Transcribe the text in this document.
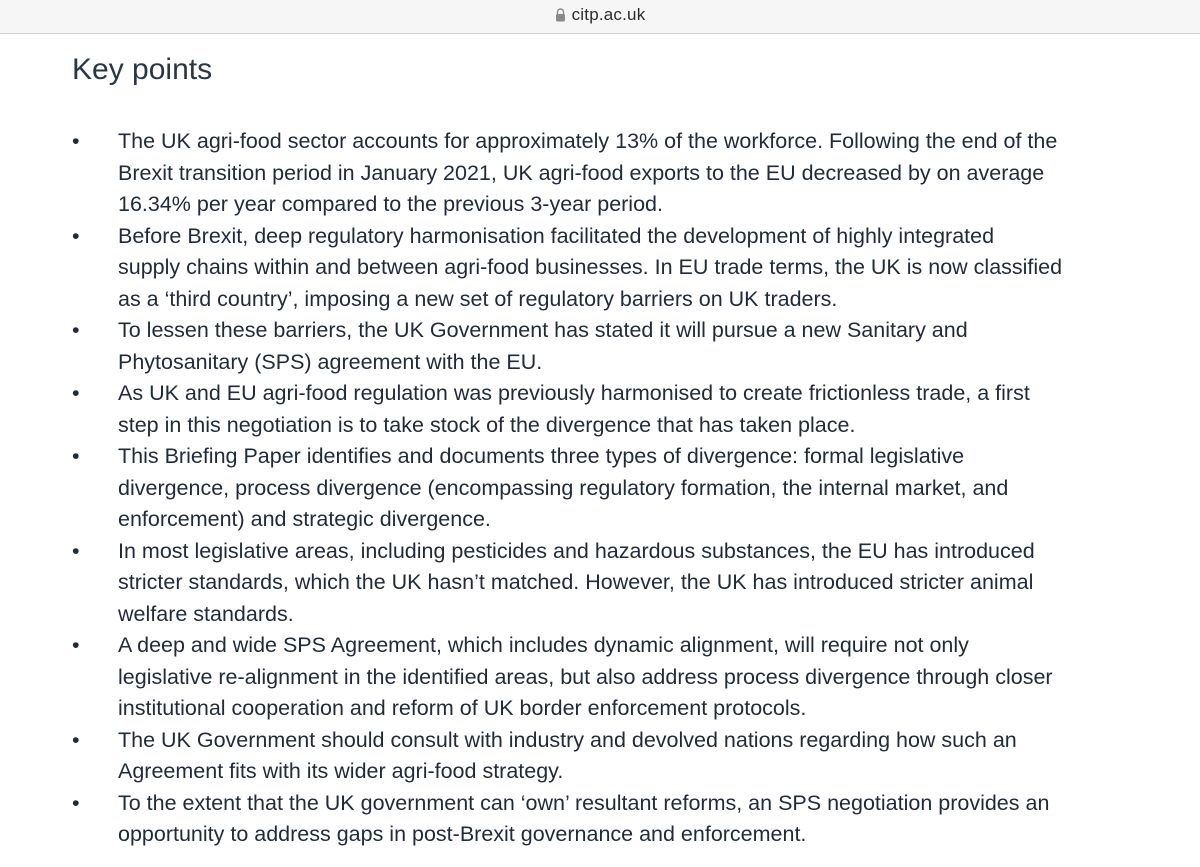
citp.ac.uk
Key points
•	The UK agri-food sector accounts for approximately 13% of the workforce. Following the end of the
Brexit transition period in January 2021, UK agri-food exports to the EU decreased by on average
16.34% per year compared to the previous 3-year period.
•	Before Brexit, deep regulatory harmonisation facilitated the development of highly integrated
supply chains within and between agri-food businesses. In EU trade terms, the UK is now classified
as a ‘third country’, imposing a new set of regulatory barriers on UK traders.
•	To lessen these barriers, the UK Government has stated it will pursue a new Sanitary and
Phytosanitary (SPS) agreement with the EU.
•	As UK and EU agri-food regulation was previously harmonised to create frictionless trade, a first
step in this negotiation is to take stock of the divergence that has taken place.
•	This Briefing Paper identifies and documents three types of divergence: formal legislative
divergence, process divergence (encompassing regulatory formation, the internal market, and
enforcement) and strategic divergence.
•	In most legislative areas, including pesticides and hazardous substances, the EU has introduced
stricter standards, which the UK hasn’t matched. However, the UK has introduced stricter animal
welfare standards.
•	A deep and wide SPS Agreement, which includes dynamic alignment, will require not only
legislative re-alignment in the identified areas, but also address process divergence through closer
institutional cooperation and reform of UK border enforcement protocols.
•	The UK Government should consult with industry and devolved nations regarding how such an
Agreement fits with its wider agri-food strategy.
•	To the extent that the UK government can ‘own’ resultant reforms, an SPS negotiation provides an
opportunity to address gaps in post-Brexit governance and enforcement.
